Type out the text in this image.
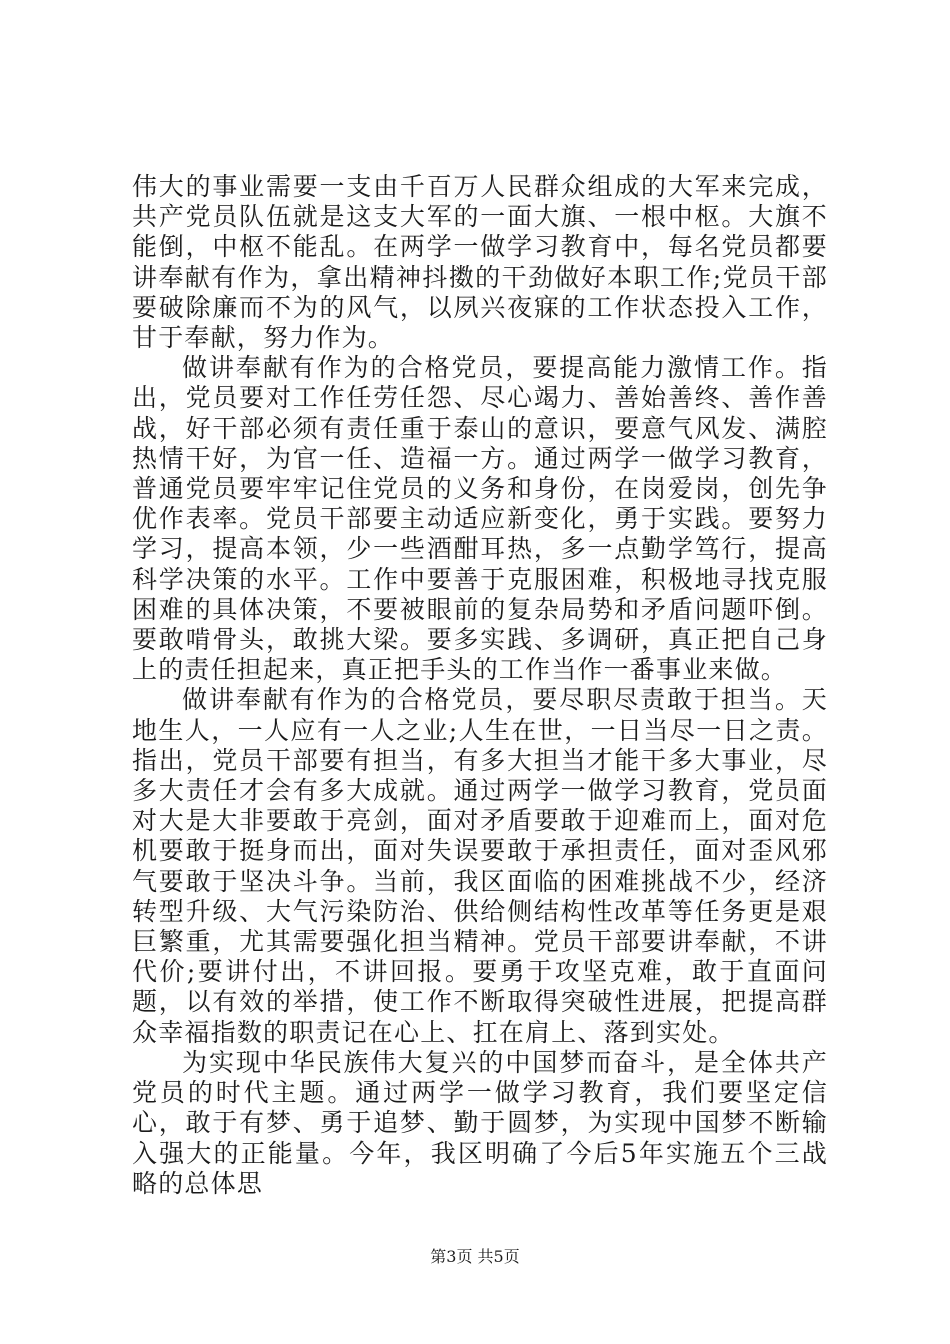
伟大的事业需要一支由千百万人民群众组成的大军来完成，共产党员队伍就是这支大军的一面大旗、一根中枢。大旗不能倒，中枢不能乱。在两学一做学习教育中，每名党员都要讲奉献有作为，拿出精神抖擞的干劲做好本职工作;党员干部要破除廉而不为的风气，以夙兴夜寐的工作状态投入工作，甘于奉献，努力作为。

做讲奉献有作为的合格党员，要提高能力激情工作。指出，党员要对工作任劳任怨、尽心竭力、善始善终、善作善战，好干部必须有责任重于泰山的意识，要意气风发、满腔热情干好，为官一任、造福一方。通过两学一做学习教育，普通党员要牢牢记住党员的义务和身份，在岗爱岗，创先争优作表率。党员干部要主动适应新变化，勇于实践。要努力学习，提高本领，少一些酒酣耳热，多一点勤学笃行，提高科学决策的水平。工作中要善于克服困难，积极地寻找克服困难的具体决策，不要被眼前的复杂局势和矛盾问题吓倒。要敢啃骨头，敢挑大梁。要多实践、多调研，真正把自己身上的责任担起来，真正把手头的工作当作一番事业来做。

做讲奉献有作为的合格党员，要尽职尽责敢于担当。天地生人，一人应有一人之业;人生在世，一日当尽一日之责。指出，党员干部要有担当，有多大担当才能干多大事业，尽多大责任才会有多大成就。通过两学一做学习教育，党员面对大是大非要敢于亮剑，面对矛盾要敢于迎难而上，面对危机要敢于挺身而出，面对失误要敢于承担责任，面对歪风邪气要敢于坚决斗争。当前，我区面临的困难挑战不少，经济转型升级、大气污染防治、供给侧结构性改革等任务更是艰巨繁重，尤其需要强化担当精神。党员干部要讲奉献，不讲代价;要讲付出，不讲回报。要勇于攻坚克难，敢于直面问题，以有效的举措，使工作不断取得突破性进展，把提高群众幸福指数的职责记在心上、扛在肩上、落到实处。

为实现中华民族伟大复兴的中国梦而奋斗，是全体共产党员的时代主题。通过两学一做学习教育，我们要坚定信心，敢于有梦、勇于追梦、勤于圆梦，为实现中国梦不断输入强大的正能量。今年，我区明确了今后5年实施五个三战略的总体思

第3页 共5页
